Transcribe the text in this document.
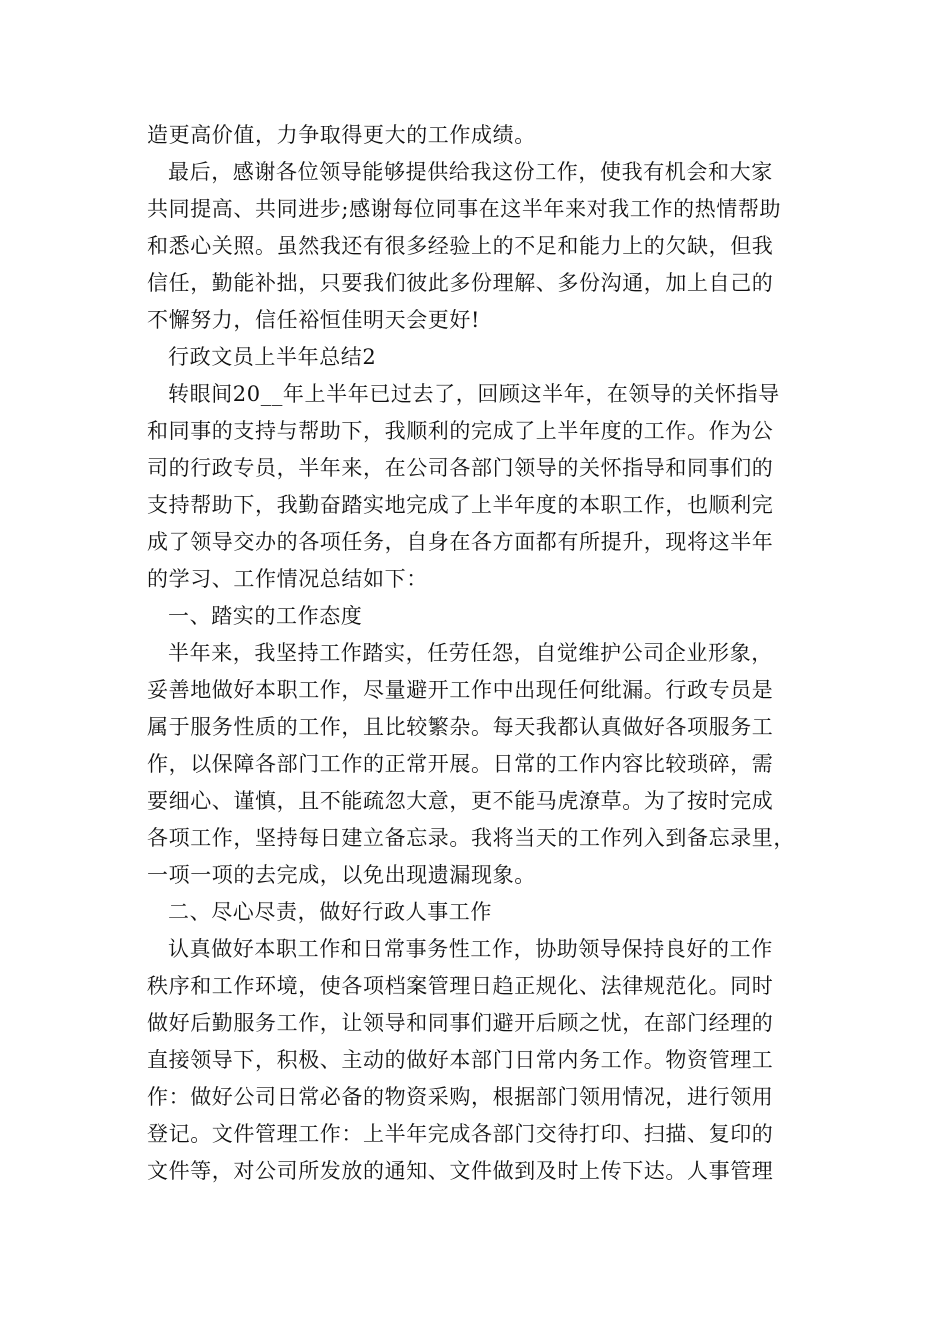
造更高价值，力争取得更大的工作成绩。
最后，感谢各位领导能够提供给我这份工作，使我有机会和大家
共同提高、共同进步;感谢每位同事在这半年来对我工作的热情帮助
和悉心关照。虽然我还有很多经验上的不足和能力上的欠缺，但我
信任，勤能补拙，只要我们彼此多份理解、多份沟通，加上自己的
不懈努力，信任裕恒佳明天会更好!
行政文员上半年总结2
转眼间20__年上半年已过去了，回顾这半年，在领导的关怀指导
和同事的支持与帮助下，我顺利的完成了上半年度的工作。作为公
司的行政专员，半年来，在公司各部门领导的关怀指导和同事们的
支持帮助下，我勤奋踏实地完成了上半年度的本职工作，也顺利完
成了领导交办的各项任务，自身在各方面都有所提升，现将这半年
的学习、工作情况总结如下：
一、踏实的工作态度
半年来，我坚持工作踏实，任劳任怨，自觉维护公司企业形象，
妥善地做好本职工作，尽量避开工作中出现任何纰漏。行政专员是
属于服务性质的工作，且比较繁杂。每天我都认真做好各项服务工
作，以保障各部门工作的正常开展。日常的工作内容比较琐碎，需
要细心、谨慎，且不能疏忽大意，更不能马虎潦草。为了按时完成
各项工作，坚持每日建立备忘录。我将当天的工作列入到备忘录里，
一项一项的去完成，以免出现遗漏现象。
二、尽心尽责，做好行政人事工作
认真做好本职工作和日常事务性工作，协助领导保持良好的工作
秩序和工作环境，使各项档案管理日趋正规化、法律规范化。同时
做好后勤服务工作，让领导和同事们避开后顾之忧，在部门经理的
直接领导下，积极、主动的做好本部门日常内务工作。物资管理工
作：做好公司日常必备的物资采购，根据部门领用情况，进行领用
登记。文件管理工作：上半年完成各部门交待打印、扫描、复印的
文件等，对公司所发放的通知、文件做到及时上传下达。人事管理
